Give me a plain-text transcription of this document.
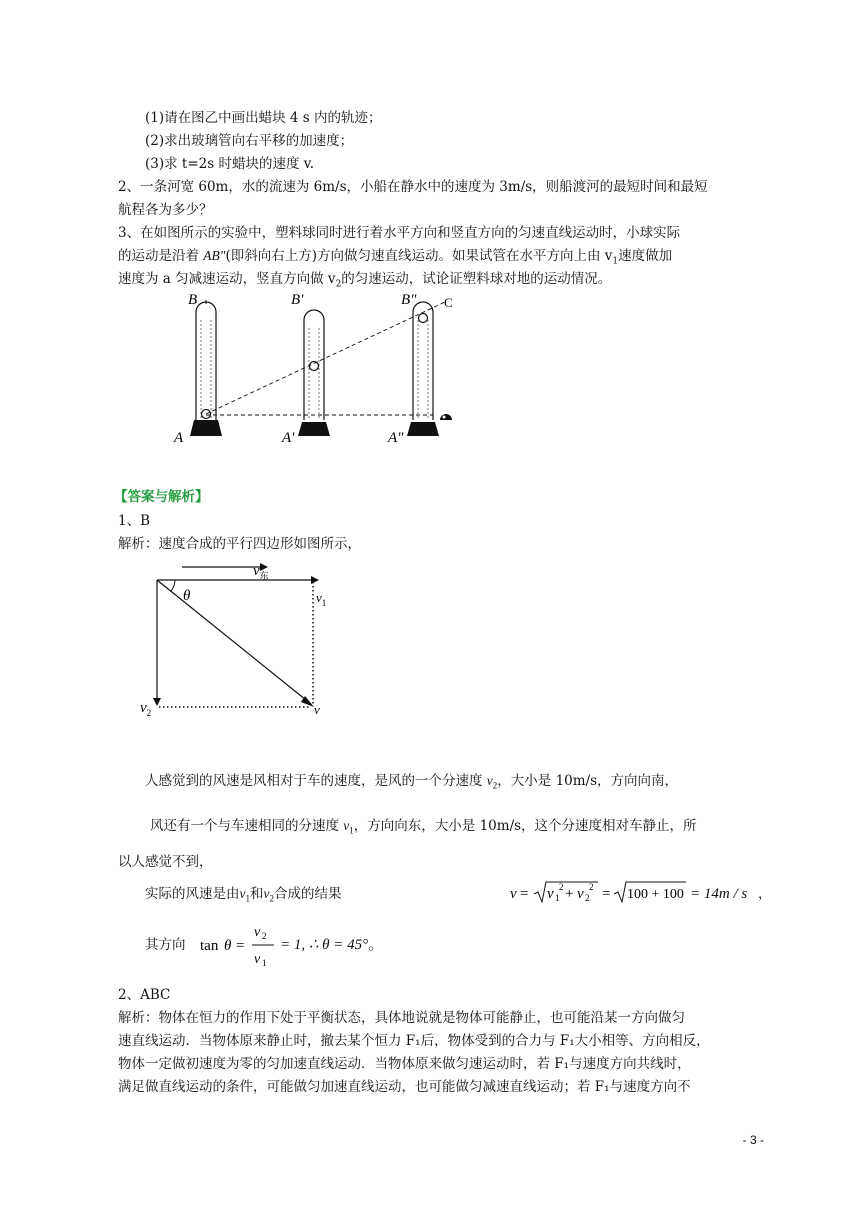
(1)请在图乙中画出蜡块 4 s 内的轨迹；
(2)求出玻璃管向右平移的加速度；
(3)求 t=2s 时蜡块的速度 v.
2、一条河宽 60m，水的流速为 6m/s，小船在静水中的速度为 3m/s，则船渡河的最短时间和最短
航程各为多少？
3、在如图所示的实验中，塑料球同时进行着水平方向和竖直方向的匀速直线运动时，小球实际
的运动是沿着 AB"(即斜向右上方)方向做匀速直线运动。如果试管在水平方向上由 $v_1$速度做加
速度为 a 匀减速运动，竖直方向做 $v_2$的匀速运动，试论证塑料球对地的运动情况。
B	B'	B" C
A	A'	A"
【答案与解析】
1、B
解析：速度合成的平行四边形如图所示，
$v_东$
θ	$v_1$
$v_2$	v
人感觉到的风速是风相对于车的速度，是风的一个分速度 $v_2$，大小是 10m/s，方向向南，
风还有一个与车速相同的分速度 $v_1$，方向向东，大小是 10m/s，这个分速度相对车静止，所
以人感觉不到，
实际的风速是由$v_1$和$v_2$合成的结果	v = v 1
2 + v 2
2 = 100 + 100 = 14m / s ，
其方向 tan θ =
v 2
v 1
= 1, ∴ θ = 45°。
2、ABC
解析：物体在恒力的作用下处于平衡状态，具体地说就是物体可能静止，也可能沿某一方向做匀
速直线运动．当物体原来静止时，撤去某个恒力 F₁后，物体受到的合力与 F₁大小相等、方向相反，
物体一定做初速度为零的匀加速直线运动．当物体原来做匀速运动时，若 F₁与速度方向共线时，
满足做直线运动的条件，可能做匀加速直线运动，也可能做匀减速直线运动；若 F₁与速度方向不
- 3 -
